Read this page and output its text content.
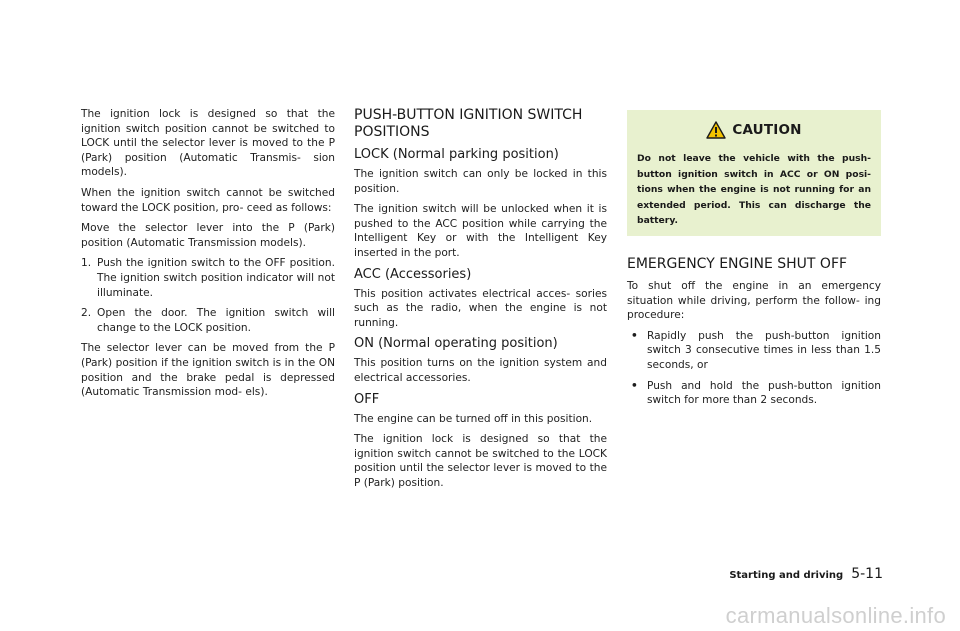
The ignition lock is designed so that the ignition switch position cannot be switched to LOCK until the selector lever is moved to the P (Park) position (Automatic Transmis- sion models).

When the ignition switch cannot be switched toward the LOCK position, pro- ceed as follows:

Move the selector lever into the P (Park) position (Automatic Transmission models).

1. Push the ignition switch to the OFF position. The ignition switch position indicator will not illuminate.
2. Open the door. The ignition switch will change to the LOCK position.

The selector lever can be moved from the P (Park) position if the ignition switch is in the ON position and the brake pedal is depressed (Automatic Transmission mod- els).

PUSH-BUTTON IGNITION SWITCH POSITIONS
LOCK (Normal parking position)

The ignition switch can only be locked in this position.

The ignition switch will be unlocked when it is pushed to the ACC position while carrying the Intelligent Key or with the Intelligent Key inserted in the port.

ACC (Accessories)

This position activates electrical acces- sories such as the radio, when the engine is not running.

ON (Normal operating position)

This position turns on the ignition system and electrical accessories.

OFF

The engine can be turned off in this position.

The ignition lock is designed so that the ignition switch cannot be switched to the LOCK position until the selector lever is moved to the P (Park) position.

CAUTION
Do not leave the vehicle with the push- button ignition switch in ACC or ON posi- tions when the engine is not running for an extended period. This can discharge the battery.
EMERGENCY ENGINE SHUT OFF

To shut off the engine in an emergency situation while driving, perform the follow- ing procedure:

• Rapidly push the push-button ignition switch 3 consecutive times in less than 1.5 seconds, or
• Push and hold the push-button ignition switch for more than 2 seconds.
Starting and driving 5-11
carmanualsonline.info
